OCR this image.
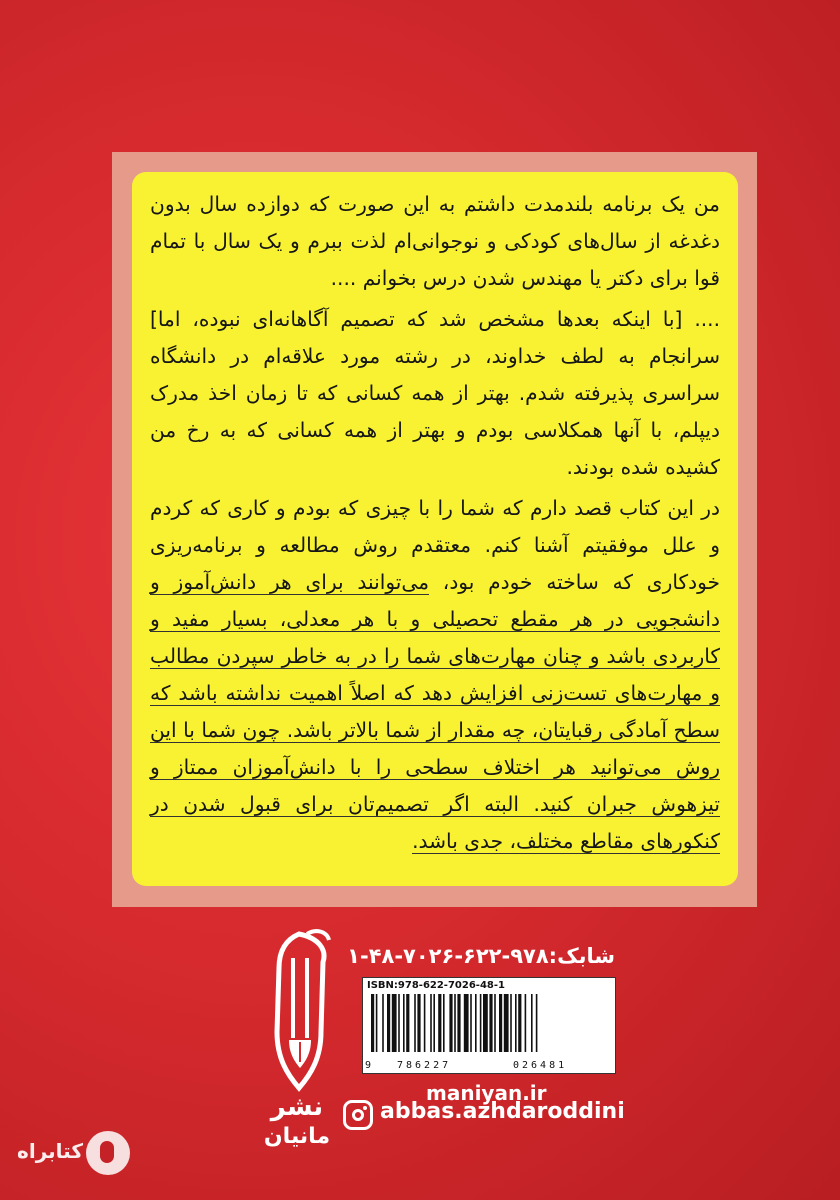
من یک برنامه بلندمدت داشتم به این صورت که دوازده سال بدون دغدغه از سال‌های کودکی و نوجوانی‌ام لذت ببرم و یک سال با تمام قوا برای دکتر یا مهندس شدن درس بخوانم ....

.... [با اینکه بعدها مشخص شد که تصمیم آگاهانه‌ای نبوده، اما] سرانجام به لطف خداوند، در رشته مورد علاقه‌ام در دانشگاه سراسری پذیرفته شدم. بهتر از همه کسانی که تا زمان اخذ مدرک دیپلم، با آنها همکلاسی بودم و بهتر از همه کسانی که به رخ من کشیده شده بودند.

در این کتاب قصد دارم که شما را با چیزی که بودم و کاری که کردم و علل موفقیتم آشنا کنم. معتقدم روش مطالعه و برنامه‌ریزی خودکاری که ساخته خودم بود، می‌توانند برای هر دانش‌آموز و دانشجویی در هر مقطع تحصیلی و با هر معدلی، بسیار مفید و کاربردی باشد و چنان مهارت‌های شما را در به خاطر سپردن مطالب و مهارت‌های تست‌زنی افزایش دهد که اصلاً اهمیت نداشته باشد که سطح آمادگی رقبایتان، چه مقدار از شما بالاتر باشد. چون شما با این روش می‌توانید هر اختلاف سطحی را با دانش‌آموزان ممتاز و تیزهوش جبران کنید. البته اگر تصمیم‌تان برای قبول شدن در کنکورهای مقاطع مختلف، جدی باشد.

نشر
مانیان
شابک:۹۷۸-۶۲۲-۷۰۲۶-۴۸-۱
ISBN:978-622-7026-48-1
9	786227	026481
maniyan.ir
abbas.azhdaroddini
کتابراه
